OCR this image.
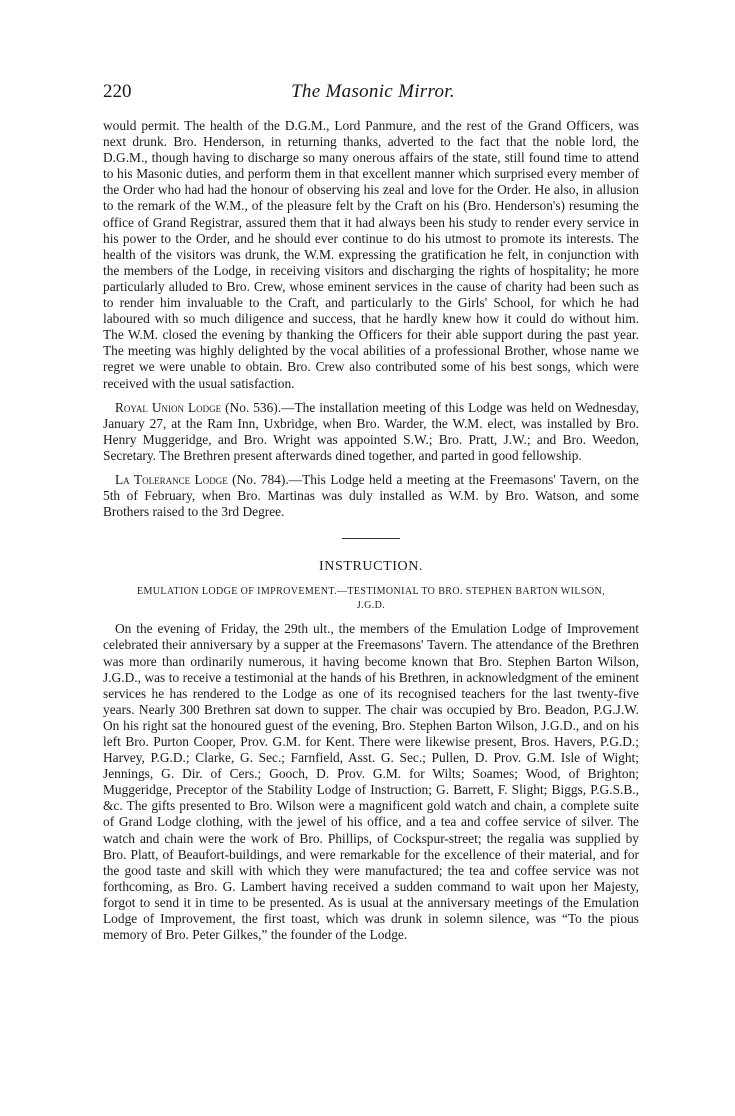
220	The Masonic Mirror.

would permit. The health of the D.G.M., Lord Panmure, and the rest of the Grand Officers, was next drunk. Bro. Henderson, in returning thanks, adverted to the fact that the noble lord, the D.G.M., though having to discharge so many onerous affairs of the state, still found time to attend to his Masonic duties, and perform them in that excellent manner which surprised every member of the Order who had had the honour of observing his zeal and love for the Order. He also, in allusion to the remark of the W.M., of the pleasure felt by the Craft on his (Bro. Henderson's) resuming the office of Grand Registrar, assured them that it had always been his study to render every service in his power to the Order, and he should ever continue to do his utmost to promote its interests. The health of the visitors was drunk, the W.M. expressing the gratification he felt, in conjunction with the members of the Lodge, in receiving visitors and discharging the rights of hospitality; he more particularly alluded to Bro. Crew, whose eminent services in the cause of charity had been such as to render him invaluable to the Craft, and particularly to the Girls' School, for which he had laboured with so much diligence and success, that he hardly knew how it could do without him. The W.M. closed the evening by thanking the Officers for their able support during the past year. The meeting was highly delighted by the vocal abilities of a professional Brother, whose name we regret we were unable to obtain. Bro. Crew also contributed some of his best songs, which were received with the usual satisfaction.

Royal Union Lodge (No. 536).—The installation meeting of this Lodge was held on Wednesday, January 27, at the Ram Inn, Uxbridge, when Bro. Warder, the W.M. elect, was installed by Bro. Henry Muggeridge, and Bro. Wright was appointed S.W.; Bro. Pratt, J.W.; and Bro. Weedon, Secretary. The Brethren present afterwards dined together, and parted in good fellowship.

La Tolerance Lodge (No. 784).—This Lodge held a meeting at the Freemasons' Tavern, on the 5th of February, when Bro. Martinas was duly installed as W.M. by Bro. Watson, and some Brothers raised to the 3rd Degree.

INSTRUCTION.
EMULATION LODGE OF IMPROVEMENT.—TESTIMONIAL TO BRO. STEPHEN BARTON WILSON, J.G.D.

On the evening of Friday, the 29th ult., the members of the Emulation Lodge of Improvement celebrated their anniversary by a supper at the Freemasons' Tavern. The attendance of the Brethren was more than ordinarily numerous, it having become known that Bro. Stephen Barton Wilson, J.G.D., was to receive a testimonial at the hands of his Brethren, in acknowledgment of the eminent services he has rendered to the Lodge as one of its recognised teachers for the last twenty-five years. Nearly 300 Brethren sat down to supper. The chair was occupied by Bro. Beadon, P.G.J.W. On his right sat the honoured guest of the evening, Bro. Stephen Barton Wilson, J.G.D., and on his left Bro. Purton Cooper, Prov. G.M. for Kent. There were likewise present, Bros. Havers, P.G.D.; Harvey, P.G.D.; Clarke, G. Sec.; Farnfield, Asst. G. Sec.; Pullen, D. Prov. G.M. Isle of Wight; Jennings, G. Dir. of Cers.; Gooch, D. Prov. G.M. for Wilts; Soames; Wood, of Brighton; Muggeridge, Preceptor of the Stability Lodge of Instruction; G. Barrett, F. Slight; Biggs, P.G.S.B., &c. The gifts presented to Bro. Wilson were a magnificent gold watch and chain, a complete suite of Grand Lodge clothing, with the jewel of his office, and a tea and coffee service of silver. The watch and chain were the work of Bro. Phillips, of Cockspur-street; the regalia was supplied by Bro. Platt, of Beaufort-buildings, and were remarkable for the excellence of their material, and for the good taste and skill with which they were manufactured; the tea and coffee service was not forthcoming, as Bro. G. Lambert having received a sudden command to wait upon her Majesty, forgot to send it in time to be presented. As is usual at the anniversary meetings of the Emulation Lodge of Improvement, the first toast, which was drunk in solemn silence, was “To the pious memory of Bro. Peter Gilkes,” the founder of the Lodge.
